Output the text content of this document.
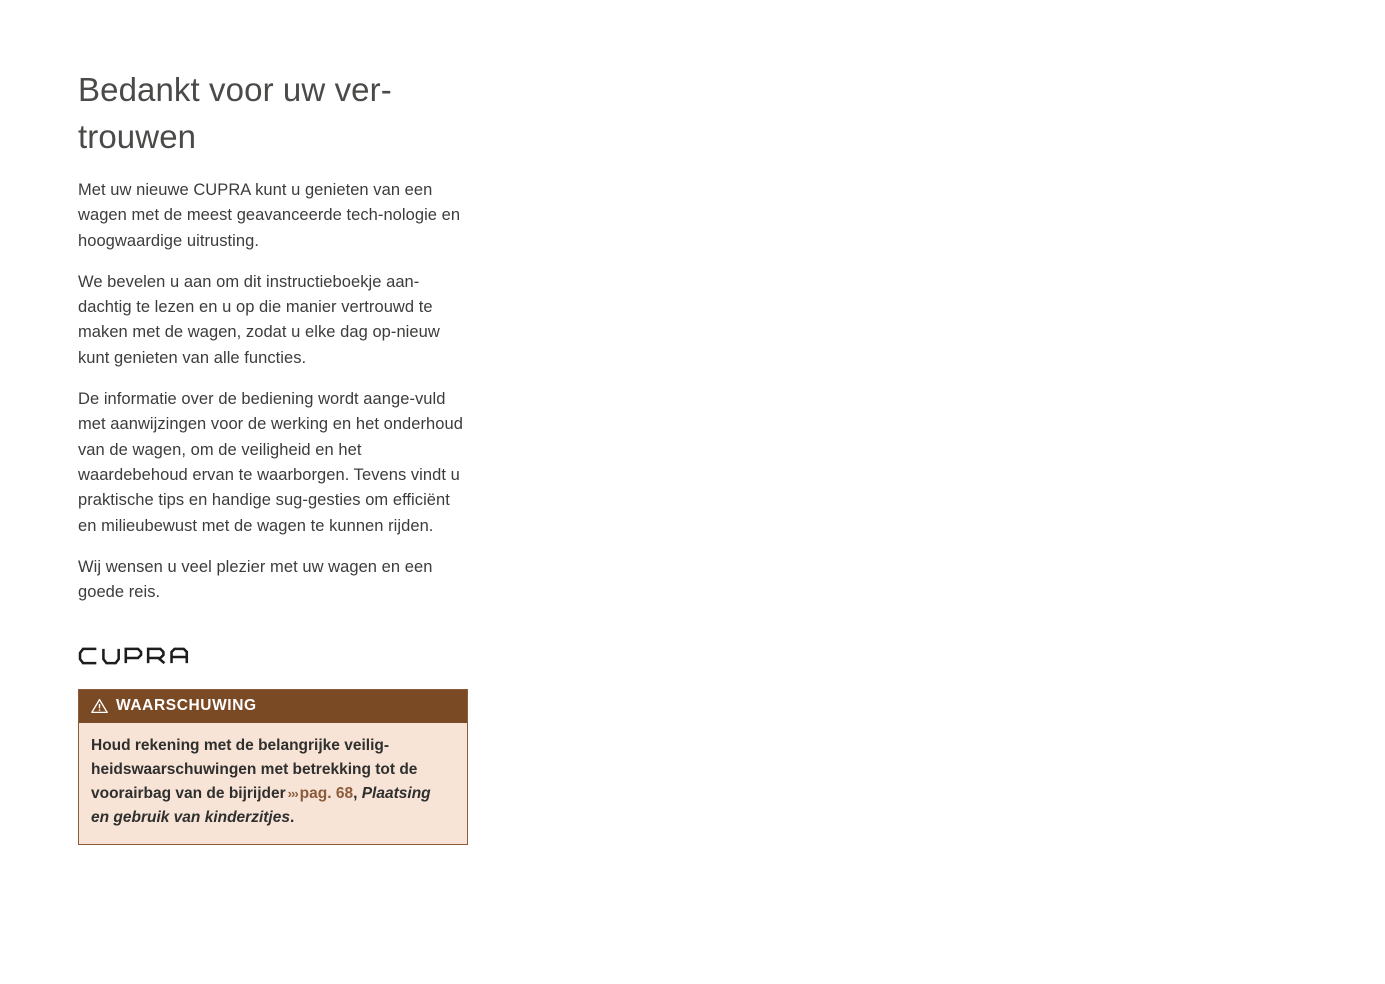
Bedankt voor uw ver- trouwen

Met uw nieuwe CUPRA kunt u genieten van een wagen met de meest geavanceerde tech-nologie en hoogwaardige uitrusting.

We bevelen u aan om dit instructieboekje aan-dachtig te lezen en u op die manier vertrouwd te maken met de wagen, zodat u elke dag op-nieuw kunt genieten van alle functies.

De informatie over de bediening wordt aange-vuld met aanwijzingen voor de werking en het onderhoud van de wagen, om de veiligheid en het waardebehoud ervan te waarborgen. Tevens vindt u praktische tips en handige sug-gesties om efficiënt en milieubewust met de wagen te kunnen rijden.

Wij wensen u veel plezier met uw wagen en een goede reis.

WAARSCHUWING
Houd rekening met de belangrijke veilig-heidswaarschuwingen met betrekking tot de voorairbag van de bijrijder ››› pag. 68, Plaatsing en gebruik van kinderzitjes.
